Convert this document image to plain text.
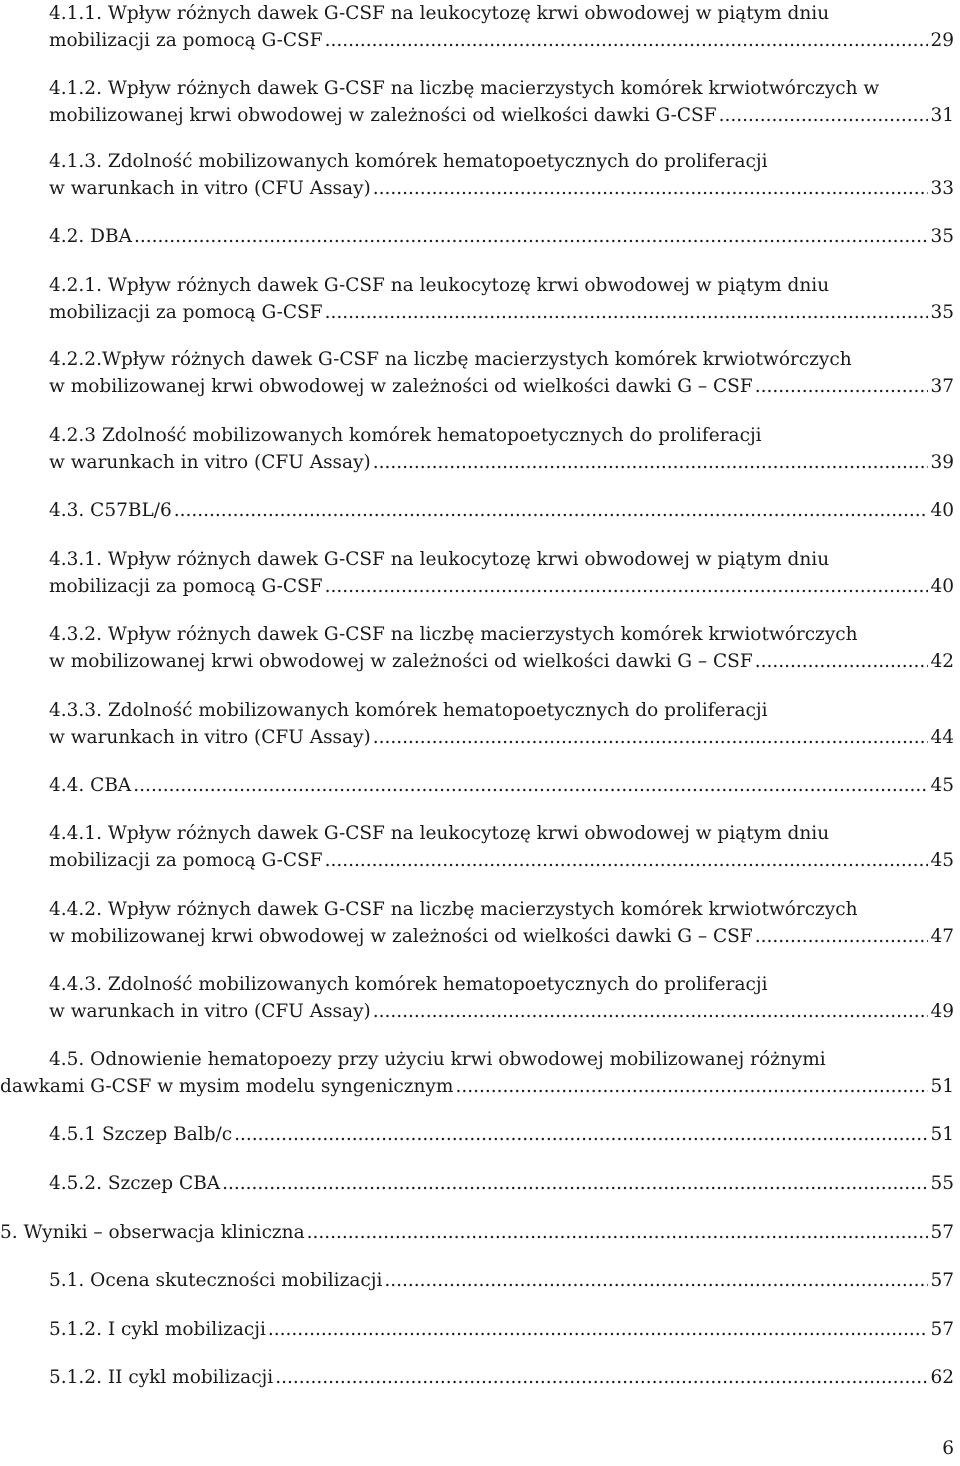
4.1.1. Wpływ różnych dawek G-CSF na leukocytozę krwi obwodowej w piątym dniu
mobilizacji za pomocą G-CSF .....	29
4.1.2. Wpływ różnych dawek G-CSF na liczbę macierzystych komórek krwiotwórczych w
mobilizowanej krwi obwodowej w zależności od wielkości dawki G-CSF .....	31
4.1.3. Zdolność mobilizowanych komórek hematopoetycznych do proliferacji
w warunkach in vitro (CFU Assay) .....	33
4.2. DBA .....	35
4.2.1. Wpływ różnych dawek G-CSF na leukocytozę krwi obwodowej w piątym dniu
mobilizacji za pomocą G-CSF .....	35
4.2.2.Wpływ różnych dawek G-CSF na liczbę macierzystych komórek krwiotwórczych
w mobilizowanej krwi obwodowej w zależności od wielkości dawki G – CSF .....	37
4.2.3 Zdolność mobilizowanych komórek hematopoetycznych do proliferacji
w warunkach in vitro (CFU Assay) .....	39
4.3. C57BL/6 .....	40
4.3.1. Wpływ różnych dawek G-CSF na leukocytozę krwi obwodowej w piątym dniu
mobilizacji za pomocą G-CSF .....	40
4.3.2. Wpływ różnych dawek G-CSF na liczbę macierzystych komórek krwiotwórczych
w mobilizowanej krwi obwodowej w zależności od wielkości dawki G – CSF .....	42
4.3.3. Zdolność mobilizowanych komórek hematopoetycznych do proliferacji
w warunkach in vitro (CFU Assay) .....	44
4.4. CBA .....	45
4.4.1. Wpływ różnych dawek G-CSF na leukocytozę krwi obwodowej w piątym dniu
mobilizacji za pomocą G-CSF .....	45
4.4.2. Wpływ różnych dawek G-CSF na liczbę macierzystych komórek krwiotwórczych
w mobilizowanej krwi obwodowej w zależności od wielkości dawki G – CSF .....	47
4.4.3. Zdolność mobilizowanych komórek hematopoetycznych do proliferacji
w warunkach in vitro (CFU Assay) .....	49
4.5. Odnowienie hematopoezy przy użyciu krwi obwodowej mobilizowanej różnymi
dawkami G-CSF w mysim modelu syngenicznym .....	51
4.5.1 Szczep Balb/c .....	51
4.5.2. Szczep CBA .....	55
5. Wyniki – obserwacja kliniczna .....	57
5.1. Ocena skuteczności mobilizacji .....	57
5.1.2. I cykl mobilizacji .....	57
5.1.2. II cykl mobilizacji .....	62
6
